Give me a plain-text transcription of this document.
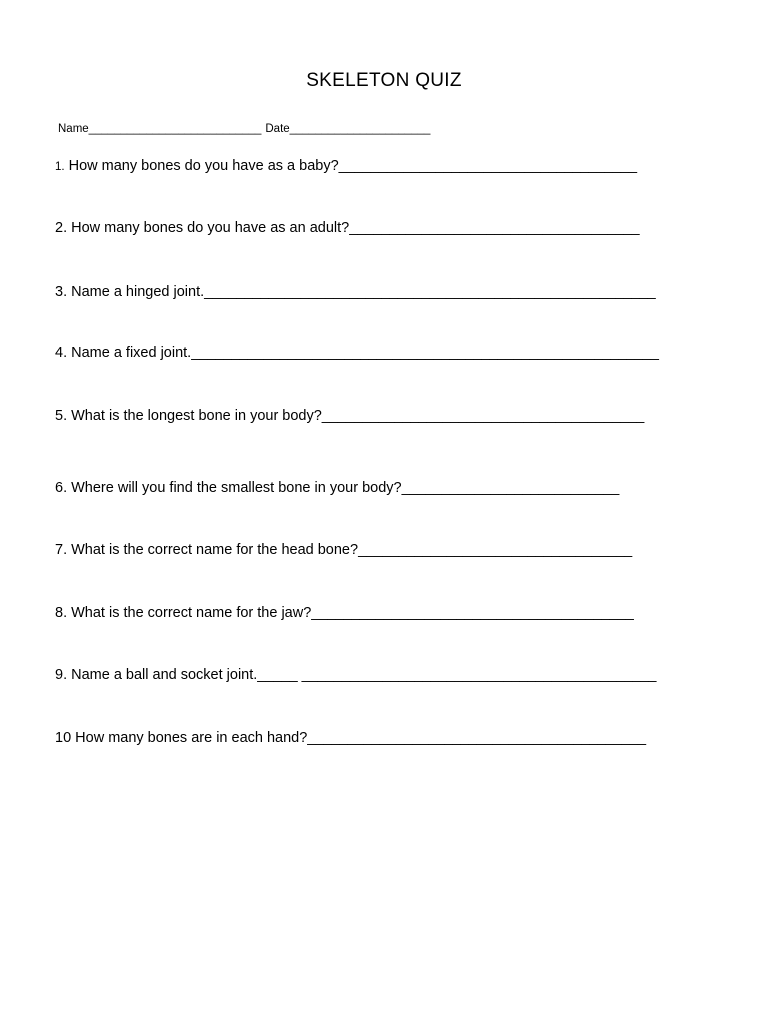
SKELETON QUIZ
Name___________________________ Date______________________
1. How many bones do you have as a baby?_____________________________________
2. How many bones do you have as an adult?____________________________________
3. Name a hinged joint.________________________________________________________
4. Name a fixed joint.__________________________________________________________
5. What is the longest bone in your body?________________________________________
6. Where will you find the smallest bone in your body?___________________________
7. What is the correct name for the head bone?__________________________________
8. What is the correct name for the jaw?________________________________________
9. Name a ball and socket joint._____ ____________________________________________
10 How many bones are in each hand?__________________________________________
